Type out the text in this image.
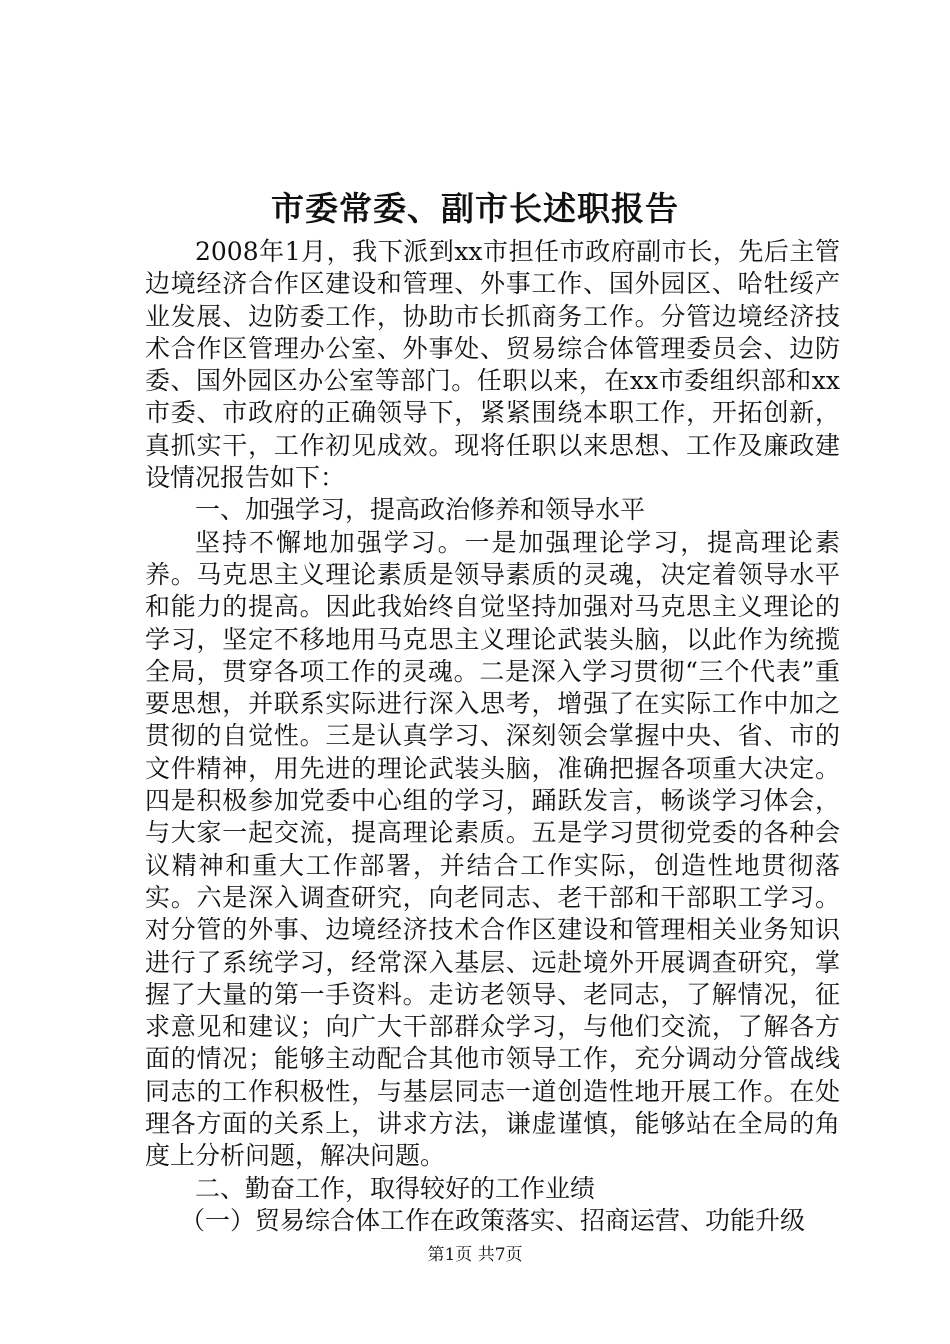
市委常委、副市长述职报告

2008年1月，我下派到xx市担任市政府副市长，先后主管边境经济合作区建设和管理、外事工作、国外园区、哈牡绥产业发展、边防委工作，协助市长抓商务工作。分管边境经济技术合作区管理办公室、外事处、贸易综合体管理委员会、边防委、国外园区办公室等部门。任职以来，在xx市委组织部和xx市委、市政府的正确领导下，紧紧围绕本职工作，开拓创新，真抓实干，工作初见成效。现将任职以来思想、工作及廉政建设情况报告如下：

一、加强学习，提高政治修养和领导水平

坚持不懈地加强学习。一是加强理论学习，提高理论素养。马克思主义理论素质是领导素质的灵魂，决定着领导水平和能力的提高。因此我始终自觉坚持加强对马克思主义理论的学习，坚定不移地用马克思主义理论武装头脑，以此作为统揽全局，贯穿各项工作的灵魂。二是深入学习贯彻“三个代表”重要思想，并联系实际进行深入思考，增强了在实际工作中加之贯彻的自觉性。三是认真学习、深刻领会掌握中央、省、市的文件精神，用先进的理论武装头脑，准确把握各项重大决定。四是积极参加党委中心组的学习，踊跃发言，畅谈学习体会，与大家一起交流，提高理论素质。五是学习贯彻党委的各种会议精神和重大工作部署，并结合工作实际，创造性地贯彻落实。六是深入调查研究，向老同志、老干部和干部职工学习。对分管的外事、边境经济技术合作区建设和管理相关业务知识进行了系统学习，经常深入基层、远赴境外开展调查研究，掌握了大量的第一手资料。走访老领导、老同志，了解情况，征求意见和建议；向广大干部群众学习，与他们交流，了解各方面的情况；能够主动配合其他市领导工作，充分调动分管战线同志的工作积极性，与基层同志一道创造性地开展工作。在处理各方面的关系上，讲求方法，谦虚谨慎，能够站在全局的角度上分析问题，解决问题。

二、勤奋工作，取得较好的工作业绩

（一）贸易综合体工作在政策落实、招商运营、功能升级

第1页 共7页
